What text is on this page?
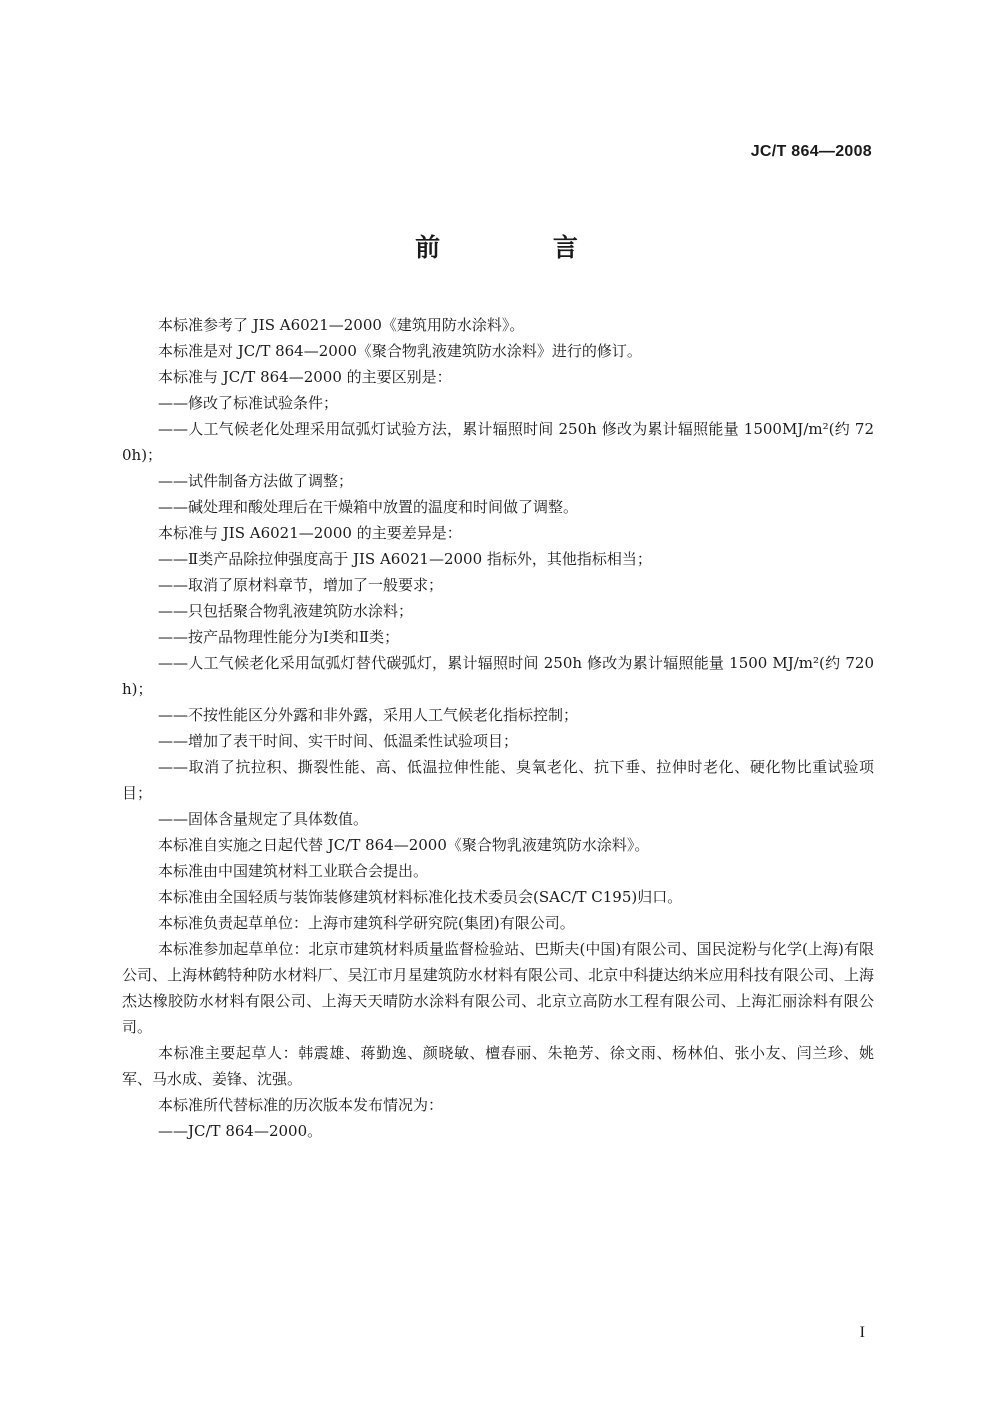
JC/T 864—2008
前 言

本标准参考了 JIS A6021—2000《建筑用防水涂料》。

本标准是对 JC/T 864—2000《聚合物乳液建筑防水涂料》进行的修订。

本标准与 JC/T 864—2000 的主要区别是：

——修改了标准试验条件；

——人工气候老化处理采用氙弧灯试验方法，累计辐照时间 250h 修改为累计辐照能量 1500MJ/m²(约 720h)；

——试件制备方法做了调整；

——碱处理和酸处理后在干燥箱中放置的温度和时间做了调整。

本标准与 JIS A6021—2000 的主要差异是：

——Ⅱ类产品除拉伸强度高于 JIS A6021—2000 指标外，其他指标相当；

——取消了原材料章节，增加了一般要求；

——只包括聚合物乳液建筑防水涂料；

——按产品物理性能分为Ⅰ类和Ⅱ类；

——人工气候老化采用氙弧灯替代碳弧灯，累计辐照时间 250h 修改为累计辐照能量 1500 MJ/m²(约 720h)；

——不按性能区分外露和非外露，采用人工气候老化指标控制；

——增加了表干时间、实干时间、低温柔性试验项目；

——取消了抗拉积、撕裂性能、高、低温拉伸性能、臭氧老化、抗下垂、拉伸时老化、硬化物比重试验项目；

——固体含量规定了具体数值。

本标准自实施之日起代替 JC/T 864—2000《聚合物乳液建筑防水涂料》。

本标准由中国建筑材料工业联合会提出。

本标准由全国轻质与装饰装修建筑材料标准化技术委员会(SAC/T C195)归口。

本标准负责起草单位：上海市建筑科学研究院(集团)有限公司。

本标准参加起草单位：北京市建筑材料质量监督检验站、巴斯夫(中国)有限公司、国民淀粉与化学(上海)有限公司、上海林鹤特种防水材料厂、吴江市月星建筑防水材料有限公司、北京中科捷达纳米应用科技有限公司、上海杰达橡胶防水材料有限公司、上海天天晴防水涂料有限公司、北京立高防水工程有限公司、上海汇丽涂料有限公司。

本标准主要起草人：韩震雄、蒋勤逸、颜晓敏、檀春丽、朱艳芳、徐文雨、杨林伯、张小友、闫兰珍、姚军、马水成、姜锋、沈强。

本标准所代替标准的历次版本发布情况为：

——JC/T 864—2000。

I
